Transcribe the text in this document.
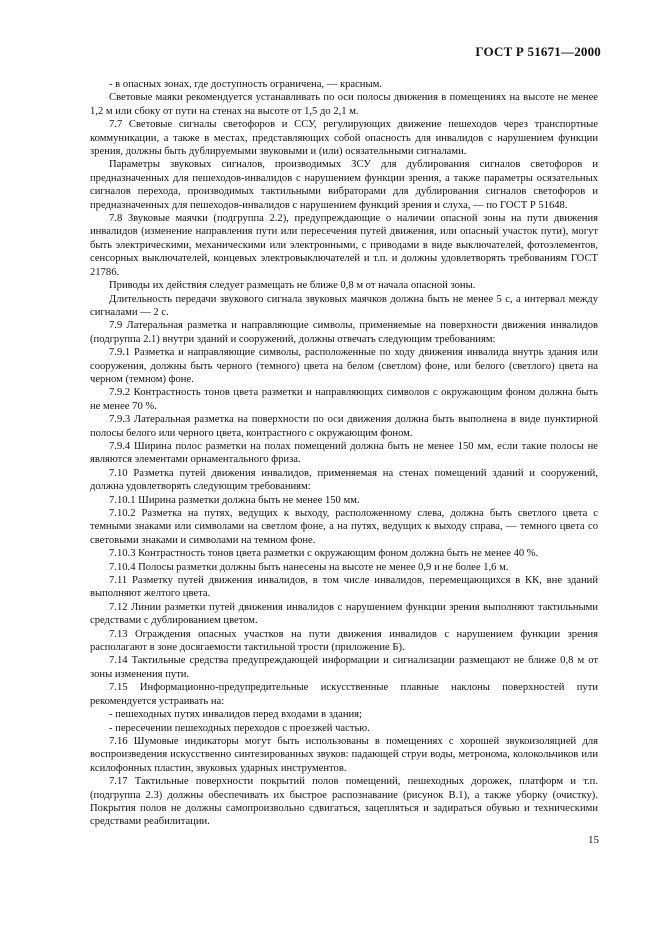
ГОСТ Р 51671—2000

- в опасных зонах, где доступность ограничена, — красным.

Световые маяки рекомендуется устанавливать по оси полосы движения в помещениях на высоте не менее 1,2 м или сбоку от пути на стенах на высоте от 1,5 до 2,1 м.

7.7 Световые сигналы светофоров и ССУ, регулирующих движение пешеходов через транспортные коммуникации, а также в местах, представляющих собой опасность для инвалидов с нарушением функции зрения, должны быть дублируемыми звуковыми и (или) осязательными сигналами.

Параметры звуковых сигналов, производимых ЗСУ для дублирования сигналов светофоров и предназначенных для пешеходов-инвалидов с нарушением функции зрения, а также параметры осязательных сигналов перехода, производимых тактильными вибраторами для дублирования сигналов светофоров и предназначенных для пешеходов-инвалидов с нарушением функций зрения и слуха, — по ГОСТ Р 51648.

7.8 Звуковые маячки (подгруппа 2.2), предупреждающие о наличии опасной зоны на пути движения инвалидов (изменение направления пути или пересечения путей движения, или опасный участок пути), могут быть электрическими, механическими или электронными, с приводами в виде выключателей, фотоэлементов, сенсорных выключателей, концевых электровыключателей и т.п. и должны удовлетворять требованиям ГОСТ 21786.

Приводы их действия следует размещать не ближе 0,8 м от начала опасной зоны.

Длительность передачи звукового сигнала звуковых маячков должна быть не менее 5 с, а интервал между сигналами — 2 с.

7.9 Латеральная разметка и направляющие символы, применяемые на поверхности движения инвалидов (подгруппа 2.1) внутри зданий и сооружений, должны отвечать следующим требованиям:

7.9.1 Разметка и направляющие символы, расположенные по ходу движения инвалида внутрь здания или сооружения, должны быть черного (темного) цвета на белом (светлом) фоне, или белого (светлого) цвета на черном (темном) фоне.

7.9.2 Контрастность тонов цвета разметки и направляющих символов с окружающим фоном должна быть не менее 70 %.

7.9.3 Латеральная разметка на поверхности по оси движения должна быть выполнена в виде пунктирной полосы белого или черного цвета, контрастного с окружающим фоном.

7.9.4 Ширина полос разметки на полах помещений должна быть не менее 150 мм, если такие полосы не являются элементами орнаментального фриза.

7.10 Разметка путей движения инвалидов, применяемая на стенах помещений зданий и сооружений, должна удовлетворять следующим требованиям:

7.10.1 Ширина разметки должна быть не менее 150 мм.

7.10.2 Разметка на путях, ведущих к выходу, расположенному слева, должна быть светлого цвета с темными знаками или символами на светлом фоне, а на путях, ведущих к выходу справа, — темного цвета со световыми знаками и символами на темном фоне.

7.10.3 Контрастность тонов цвета разметки с окружающим фоном должна быть не менее 40 %.

7.10.4 Полосы разметки должны быть нанесены на высоте не менее 0,9 и не более 1,6 м.

7.11 Разметку путей движения инвалидов, в том числе инвалидов, перемещающихся в КК, вне зданий выполняют желтого цвета.

7.12 Линии разметки путей движения инвалидов с нарушением функции зрения выполняют тактильными средствами с дублированием цветом.

7.13 Ограждения опасных участков на пути движения инвалидов с нарушением функции зрения располагают в зоне досягаемости тактильной трости (приложение Б).

7.14 Тактильные средства предупреждающей информации и сигнализации размещают не ближе 0,8 м от зоны изменения пути.

7.15 Информационно-предупредительные искусственные плавные наклоны поверхностей пути рекомендуется устраивать на:

- пешеходных путях инвалидов перед входами в здания;

- пересечении пешеходных переходов с проезжей частью.

7.16 Шумовые индикаторы могут быть использованы в помещениях с хорошей звукоизоляцией для воспроизведения искусственно синтезированных звуков: падающей струи воды, метронома, колокольчиков или ксилофонных пластин, звуковых ударных инструментов.

7.17 Тактильные поверхности покрытий полов помещений, пешеходных дорожек, платформ и т.п. (подгруппа 2.3) должны обеспечивать их быстрое распознавание (рисунок В.1), а также уборку (очистку). Покрытия полов не должны самопроизвольно сдвигаться, зацепляться и задираться обувью и техническими средствами реабилитации.

15
